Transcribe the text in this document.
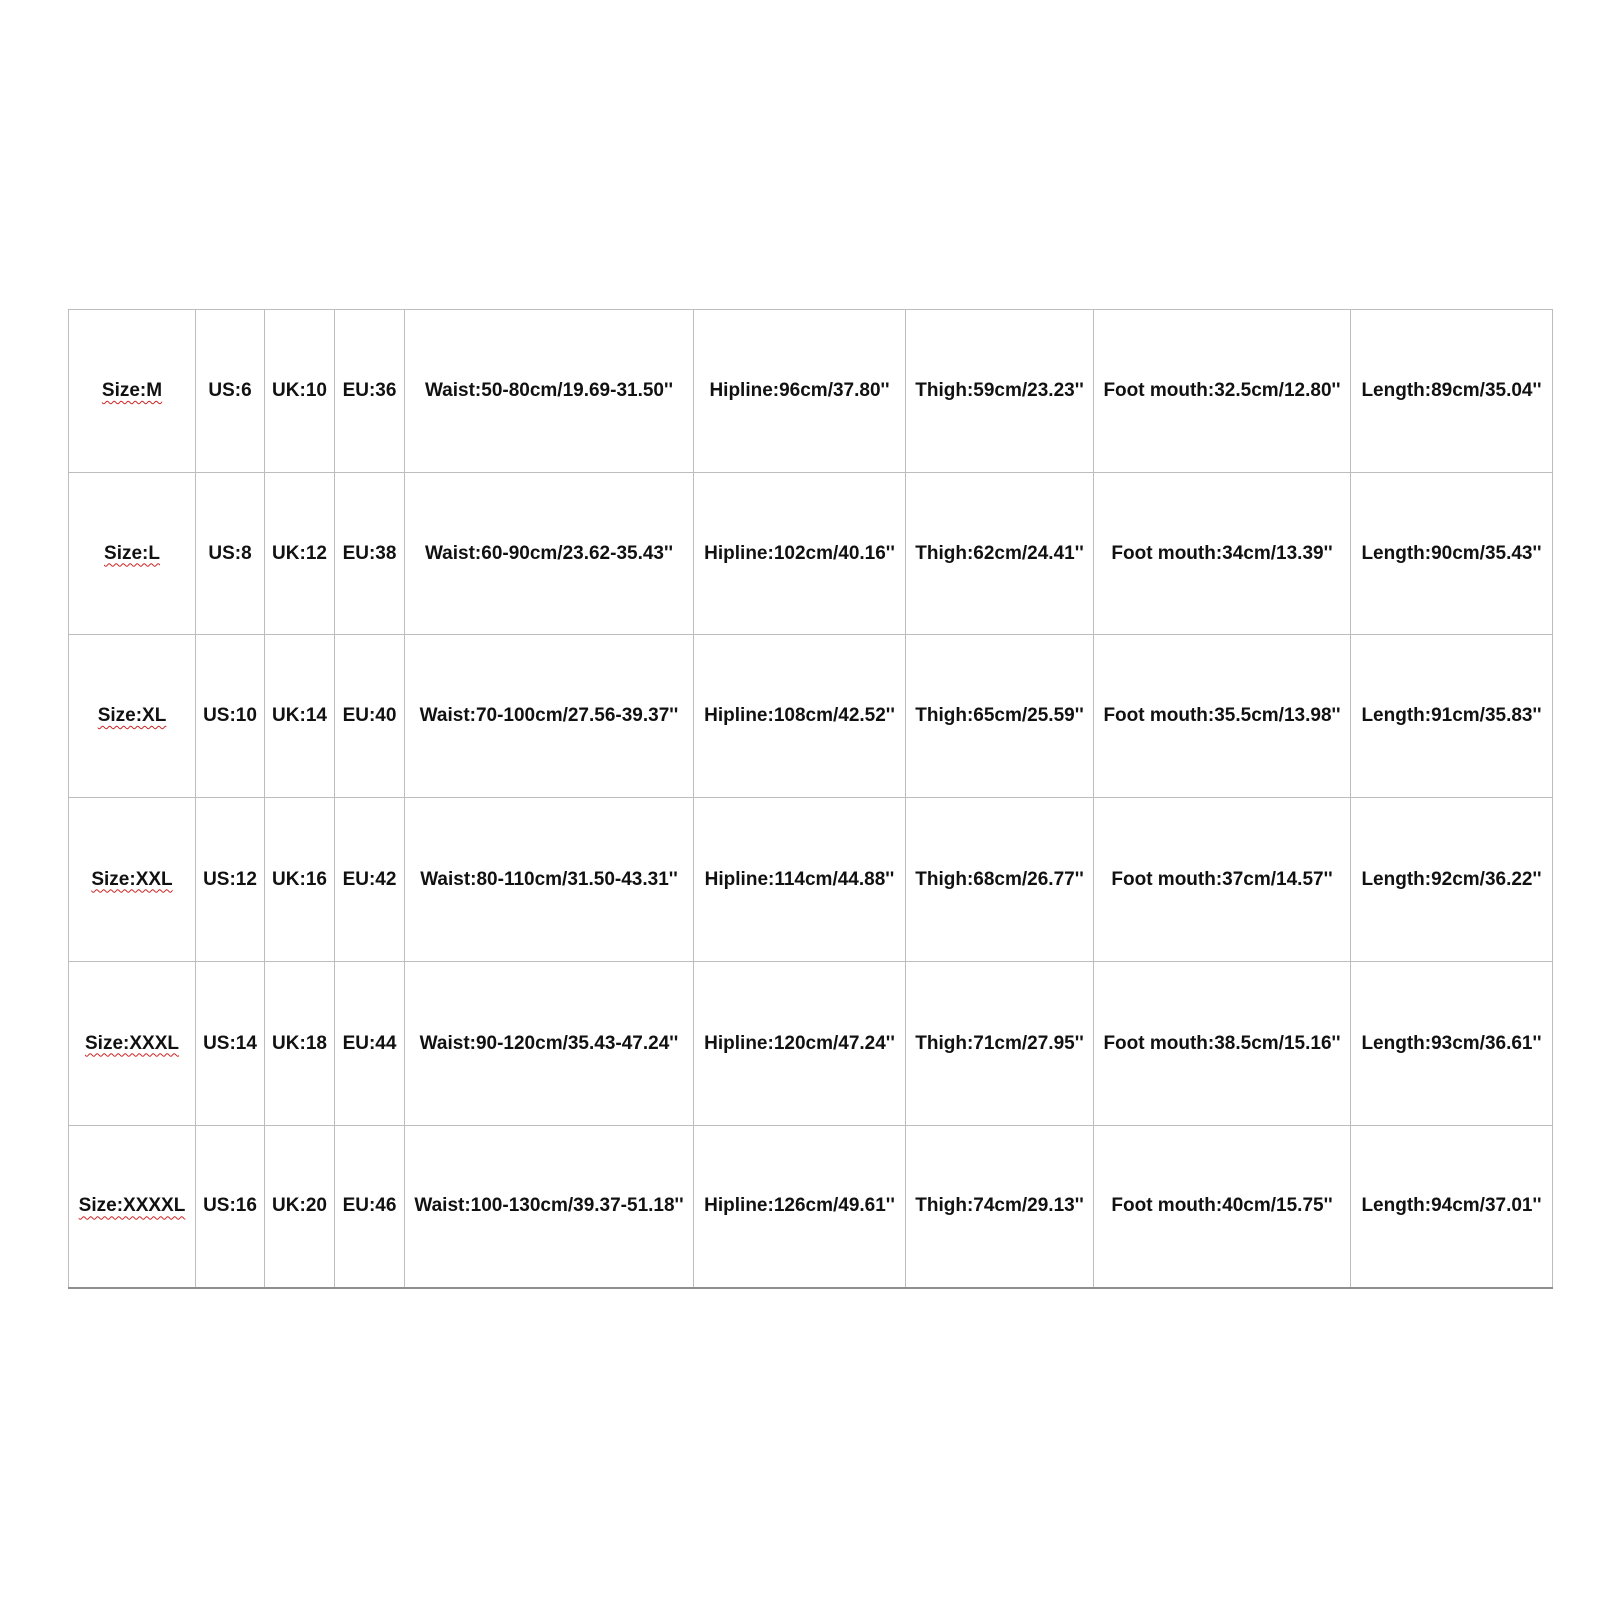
Size:M	US:6	UK:10	EU:36	Waist:50-80cm/19.69-31.50''	Hipline:96cm/37.80''	Thigh:59cm/23.23''	Foot mouth:32.5cm/12.80''	Length:89cm/35.04''
Size:L	US:8	UK:12	EU:38	Waist:60-90cm/23.62-35.43''	Hipline:102cm/40.16''	Thigh:62cm/24.41''	Foot mouth:34cm/13.39''	Length:90cm/35.43''
Size:XL	US:10	UK:14	EU:40	Waist:70-100cm/27.56-39.37''	Hipline:108cm/42.52''	Thigh:65cm/25.59''	Foot mouth:35.5cm/13.98''	Length:91cm/35.83''
Size:XXL	US:12	UK:16	EU:42	Waist:80-110cm/31.50-43.31''	Hipline:114cm/44.88''	Thigh:68cm/26.77''	Foot mouth:37cm/14.57''	Length:92cm/36.22''
Size:XXXL	US:14	UK:18	EU:44	Waist:90-120cm/35.43-47.24''	Hipline:120cm/47.24''	Thigh:71cm/27.95''	Foot mouth:38.5cm/15.16''	Length:93cm/36.61''
Size:XXXXL	US:16	UK:20	EU:46	Waist:100-130cm/39.37-51.18''	Hipline:126cm/49.61''	Thigh:74cm/29.13''	Foot mouth:40cm/15.75''	Length:94cm/37.01''
